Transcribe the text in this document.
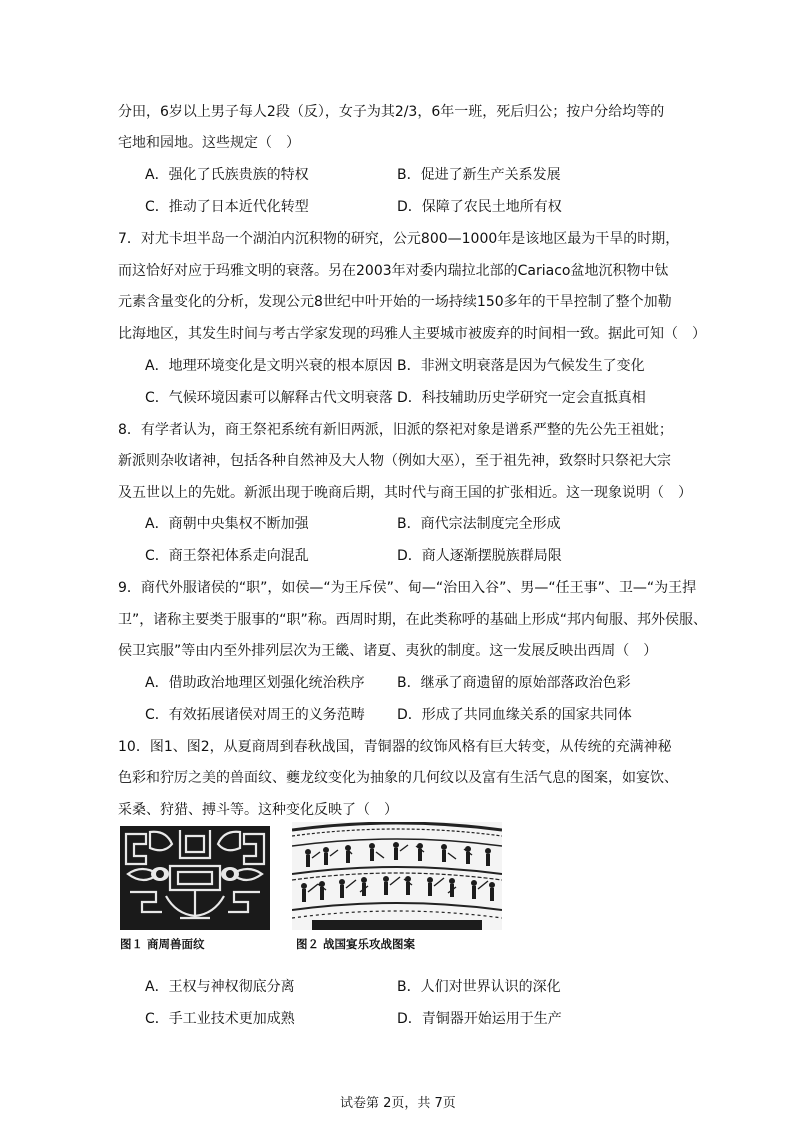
分田，6岁以上男子每人2段（反），女子为其2/3，6年一班，死后归公；按户分给均等的
宅地和园地。这些规定（　）
A．强化了氏族贵族的特权	B．促进了新生产关系发展
C．推动了日本近代化转型	D．保障了农民土地所有权
7．对尤卡坦半岛一个湖泊内沉积物的研究，公元800—1000年是该地区最为干旱的时期，
而这恰好对应于玛雅文明的衰落。另在2003年对委内瑞拉北部的Cariaco盆地沉积物中钛
元素含量变化的分析，发现公元8世纪中叶开始的一场持续150多年的干旱控制了整个加勒
比海地区，其发生时间与考古学家发现的玛雅人主要城市被废弃的时间相一致。据此可知（　）
A．地理环境变化是文明兴衰的根本原因 B．非洲文明衰落是因为气候发生了变化
C．气候环境因素可以解释古代文明衰落 D．科技辅助历史学研究一定会直抵真相
8．有学者认为，商王祭祀系统有新旧两派，旧派的祭祀对象是谱系严整的先公先王祖妣；
新派则杂收诸神，包括各种自然神及大人物（例如大巫），至于祖先神，致祭时只祭祀大宗
及五世以上的先妣。新派出现于晚商后期，其时代与商王国的扩张相近。这一现象说明（　）
A．商朝中央集权不断加强	B．商代宗法制度完全形成
C．商王祭祀体系走向混乱	D．商人逐渐摆脱族群局限
9．商代外服诸侯的“职”，如侯—“为王斥侯”、甸—“治田入谷”、男—“任王事”、卫—“为王捍
卫”，诸称主要类于服事的“职”称。西周时期，在此类称呼的基础上形成“邦内甸服、邦外侯服、
侯卫宾服”等由内至外排列层次为王畿、诸夏、夷狄的制度。这一发展反映出西周（　）
A．借助政治地理区划强化统治秩序 B．继承了商遗留的原始部落政治色彩
C．有效拓展诸侯对周王的义务范畴 D．形成了共同血缘关系的国家共同体
10．图1、图2，从夏商周到春秋战国，青铜器的纹饰风格有巨大转变，从传统的充满神秘
色彩和狞厉之美的兽面纹、夔龙纹变化为抽象的几何纹以及富有生活气息的图案，如宴饮、
采桑、狩猎、搏斗等。这种变化反映了（　）
图１ 商周兽面纹	图２ 战国宴乐攻战图案
A．王权与神权彻底分离	B．人们对世界认识的深化
C．手工业技术更加成熟	D．青铜器开始运用于生产
试卷第 2页，共 7页
